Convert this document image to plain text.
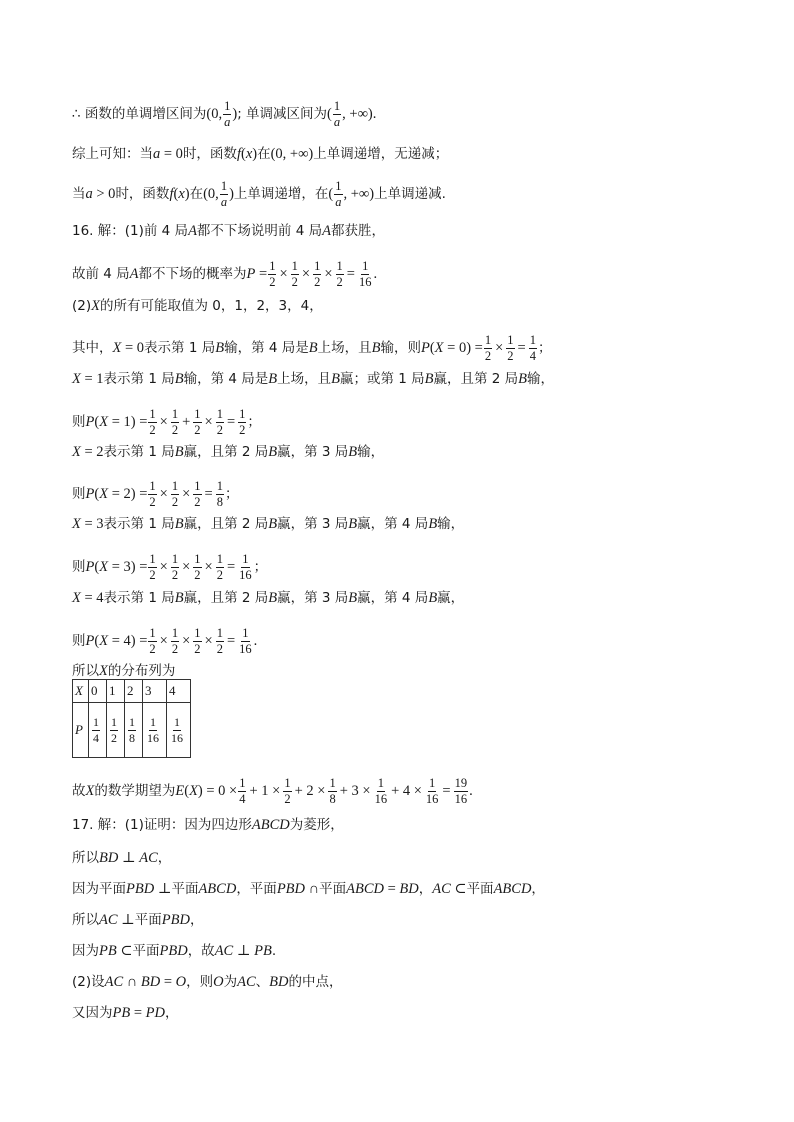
∴ 函数的单调增区间为 (0, $\frac{1}{a}$ ) ; 单调减区间为 ( $\frac{1}{a}$ , +∞).
综上可知：当 a = 0 时，函数 f(x) 在 (0, +∞) 上单调递增，无递减；
当 a > 0 时，函数 f(x) 在 (0, $\frac{1}{a}$ ) 上单调递增，在 ( $\frac{1}{a}$ , +∞) 上单调递减.
16. 解：(1)前 4 局 A 都不下场说明前 4 局 A 都获胜，
故前 4 局 A 都不下场的概率为 $P = \frac{1}{2} \times \frac{1}{2} \times \frac{1}{2} \times \frac{1}{2} = \frac{1}{16}$ .
(2) X 的所有可能取值为 0，1，2，3，4，
其中， X = 0 表示第 1 局 B 输，第 4 局是 B 上场，且 B 输，则 $P(X = 0) = \frac{1}{2} \times \frac{1}{2} = \frac{1}{4}$ ；
X = 1 表示第 1 局 B 输，第 4 局是 B 上场，且 B 赢；或第 1 局 B 赢，且第 2 局 B 输，
则 $P(X = 1) = \frac{1}{2} \times \frac{1}{2} + \frac{1}{2} \times \frac{1}{2} = \frac{1}{2}$ ；
X = 2 表示第 1 局 B 赢，且第 2 局 B 赢，第 3 局 B 输，
则 $P(X = 2) = \frac{1}{2} \times \frac{1}{2} \times \frac{1}{2} = \frac{1}{8}$ ；
X = 3 表示第 1 局 B 赢，且第 2 局 B 赢，第 3 局 B 赢，第 4 局 B 输，
则 $P(X = 3) = \frac{1}{2} \times \frac{1}{2} \times \frac{1}{2} \times \frac{1}{2} = \frac{1}{16}$ ；
X = 4 表示第 1 局 B 赢，且第 2 局 B 赢，第 3 局 B 赢，第 4 局 B 赢，
则 $P(X = 4) = \frac{1}{2} \times \frac{1}{2} \times \frac{1}{2} \times \frac{1}{2} = \frac{1}{16}$ .
所以 X 的分布列为
X	0	1	2	3	4
P	$\frac{1}{4}$	$\frac{1}{2}$	$\frac{1}{8}$	$\frac{1}{16}$	$\frac{1}{16}$
故 X 的数学期望为 $E(X) = 0 \times \frac{1}{4} + 1 \times \frac{1}{2} + 2 \times \frac{1}{8} + 3 \times \frac{1}{16} + 4 \times \frac{1}{16} = \frac{19}{16}$ .
17. 解：(1)证明：因为四边形 ABCD 为菱形，
所以 BD ⊥ AC ，
因为平面 PBD ⊥ 平面 ABCD ，平面 PBD ∩ 平面 ABCD = BD ， AC ⊂ 平面 ABCD ，
所以 AC ⊥ 平面 PBD ，
因为 PB ⊂ 平面 PBD ，故 AC ⊥ PB .
(2)设 AC ∩ BD = O ，则 O 为 AC 、 BD 的中点，
又因为 PB = PD ，
